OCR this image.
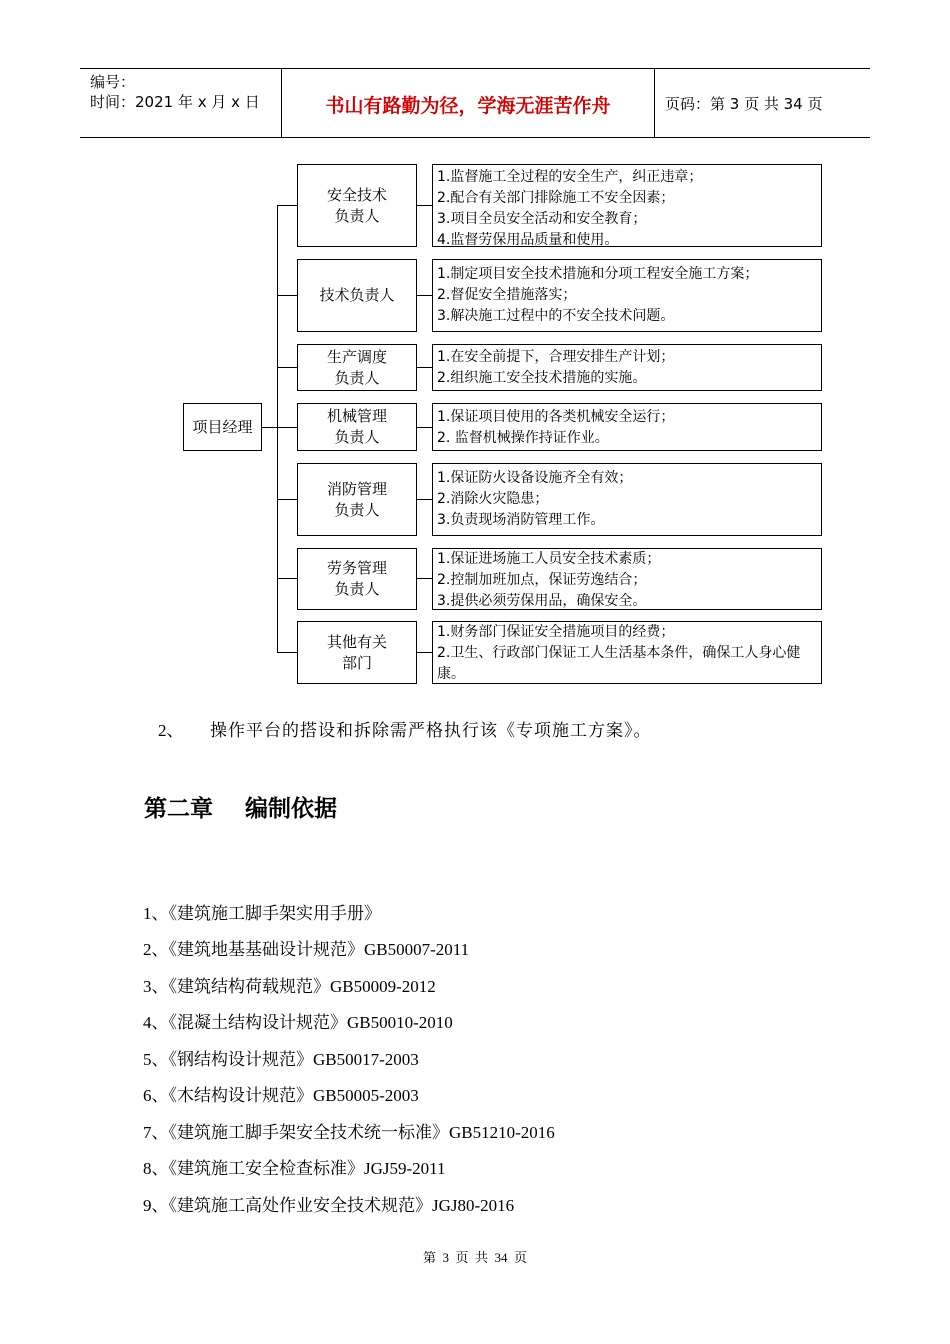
编号：
时间：2021 年 x 月 x 日	书山有路勤为径，学海无涯苦作舟	页码：第 3 页 共 34 页
项目经理
安全技术
负责人
1.监督施工全过程的安全生产，纠正违章；
2.配合有关部门排除施工不安全因素；
3.项目全员安全活动和安全教育；
4.监督劳保用品质量和使用。
技术负责人
1.制定项目安全技术措施和分项工程安全施工方案；
2.督促安全措施落实；
3.解决施工过程中的不安全技术问题。
生产调度
负责人
1.在安全前提下，合理安排生产计划；
2.组织施工安全技术措施的实施。
机械管理
负责人
1.保证项目使用的各类机械安全运行；
2. 监督机械操作持证作业。
消防管理
负责人
1.保证防火设备设施齐全有效；
2.消除火灾隐患；
3.负责现场消防管理工作。
劳务管理
负责人
1.保证进场施工人员安全技术素质；
2.控制加班加点，保证劳逸结合；
3.提供必须劳保用品，确保安全。
其他有关
部门
1.财务部门保证安全措施项目的经费；
2.卫生、行政部门保证工人生活基本条件，确保工人身心健康。
2、 操作平台的搭设和拆除需严格执行该《专项施工方案》。
第二章    编制依据
1、《建筑施工脚手架实用手册》
2、《建筑地基基础设计规范》GB50007-2011
3、《建筑结构荷载规范》GB50009-2012
4、《混凝土结构设计规范》GB50010-2010
5、《钢结构设计规范》GB50017-2003
6、《木结构设计规范》GB50005-2003
7、《建筑施工脚手架安全技术统一标准》GB51210-2016
8、《建筑施工安全检查标准》JGJ59-2011
9、《建筑施工高处作业安全技术规范》JGJ80-2016
第  3  页  共  34  页
